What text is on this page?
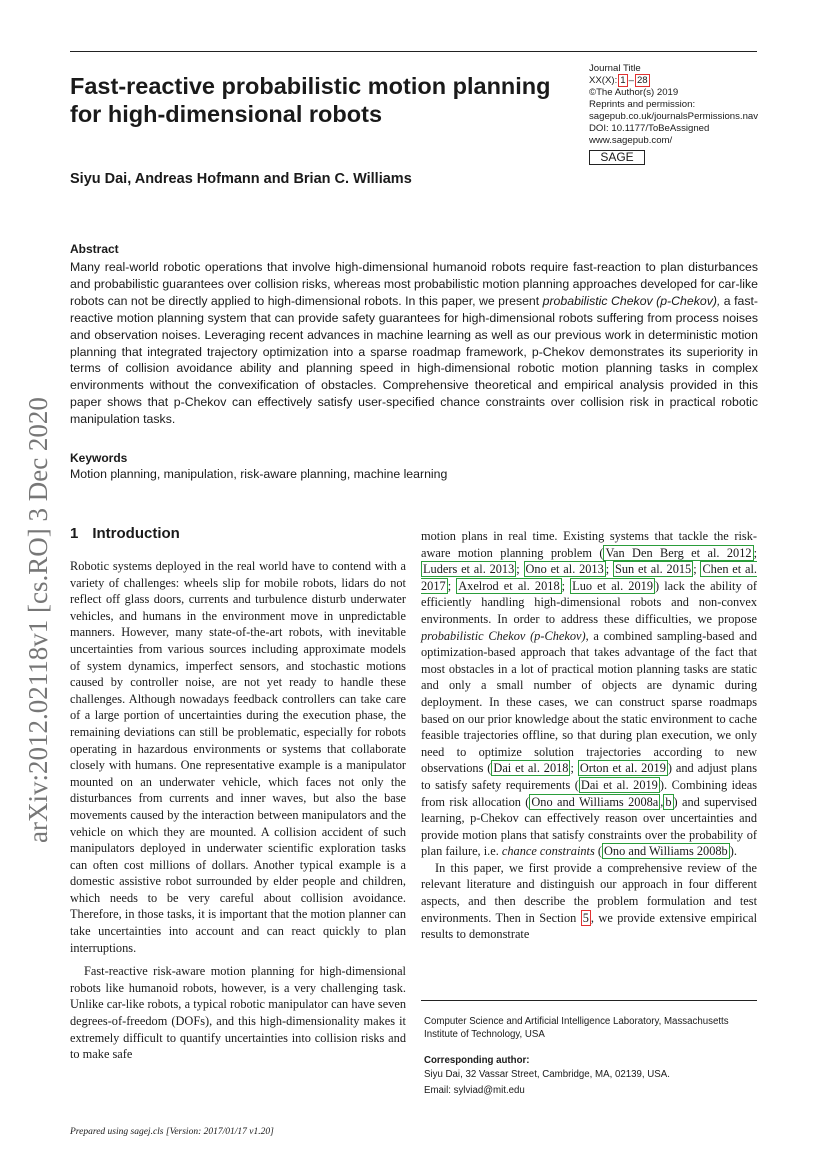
Fast-reactive probabilistic motion planning for high-dimensional robots
Journal Title
XX(X): 1 – 28
©The Author(s) 2019
Reprints and permission:
sagepub.co.uk/journalsPermissions.nav
DOI: 10.1177/ToBeAssigned
www.sagepub.com/
SAGE
Siyu Dai, Andreas Hofmann and Brian C. Williams
Abstract

Many real-world robotic operations that involve high-dimensional humanoid robots require fast-reaction to plan disturbances and probabilistic guarantees over collision risks, whereas most probabilistic motion planning approaches developed for car-like robots can not be directly applied to high-dimensional robots. In this paper, we present probabilistic Chekov (p-Chekov), a fast-reactive motion planning system that can provide safety guarantees for high-dimensional robots suffering from process noises and observation noises. Leveraging recent advances in machine learning as well as our previous work in deterministic motion planning that integrated trajectory optimization into a sparse roadmap framework, p-Chekov demonstrates its superiority in terms of collision avoidance ability and planning speed in high-dimensional robotic motion planning tasks in complex environments without the convexification of obstacles. Comprehensive theoretical and empirical analysis provided in this paper shows that p-Chekov can effectively satisfy user-specified chance constraints over collision risk in practical robotic manipulation tasks.

Keywords

Motion planning, manipulation, risk-aware planning, machine learning

arXiv:2012.02118v1 [cs.RO] 3 Dec 2020 1 Introduction

Robotic systems deployed in the real world have to contend with a variety of challenges: wheels slip for mobile robots, lidars do not reflect off glass doors, currents and turbulence disturb underwater vehicles, and humans in the environment move in unpredictable manners. However, many state-of-the-art robots, with inevitable uncertainties from various sources including approximate models of system dynamics, imperfect sensors, and stochastic motions caused by controller noise, are not yet ready to handle these challenges. Although nowadays feedback controllers can take care of a large portion of uncertainties during the execution phase, the remaining deviations can still be problematic, especially for robots operating in hazardous environments or systems that collaborate closely with humans. One representative example is a manipulator mounted on an underwater vehicle, which faces not only the disturbances from currents and inner waves, but also the base movements caused by the interaction between manipulators and the vehicle on which they are mounted. A collision accident of such manipulators deployed in underwater scientific exploration tasks can often cost millions of dollars. Another typical example is a domestic assistive robot surrounded by elder people and children, which needs to be very careful about collision avoidance. Therefore, in those tasks, it is important that the motion planner can take uncertainties into account and can react quickly to plan interruptions.

Fast-reactive risk-aware motion planning for high-dimensional robots like humanoid robots, however, is a very challenging task. Unlike car-like robots, a typical robotic manipulator can have seven degrees-of-freedom (DOFs), and this high-dimensionality makes it extremely difficult to quantify uncertainties into collision risks and to make safe

motion plans in real time. Existing systems that tackle the risk-aware motion planning problem ( Van Den Berg et al. 2012 ; Luders et al. 2013 ; Ono et al. 2013 ; Sun et al. 2015 ; Chen et al. 2017 ; Axelrod et al. 2018 ; Luo et al. 2019 ) lack the ability of efficiently handling high-dimensional robots and non-convex environments. In order to address these difficulties, we propose probabilistic Chekov (p-Chekov), a combined sampling-based and optimization-based approach that takes advantage of the fact that most obstacles in a lot of practical motion planning tasks are static and only a small number of objects are dynamic during deployment. In these cases, we can construct sparse roadmaps based on our prior knowledge about the static environment to cache feasible trajectories offline, so that during plan execution, we only need to optimize solution trajectories according to new observations ( Dai et al. 2018 ; Orton et al. 2019 ) and adjust plans to satisfy safety requirements ( Dai et al. 2019 ). Combining ideas from risk allocation ( Ono and Williams 2008a , b ) and supervised learning, p-Chekov can effectively reason over uncertainties and provide motion plans that satisfy constraints over the probability of plan failure, i.e. chance constraints ( Ono and Williams 2008b ).

In this paper, we first provide a comprehensive review of the relevant literature and distinguish our approach in four different aspects, and then describe the problem formulation and test environments. Then in Section 5 , we provide extensive empirical results to demonstrate

Computer Science and Artificial Intelligence Laboratory, Massachusetts Institute of Technology, USA

Corresponding author:

Siyu Dai, 32 Vassar Street, Cambridge, MA, 02139, USA.

Email: sylviad@mit.edu

Prepared using sagej.cls [Version: 2017/01/17 v1.20]
